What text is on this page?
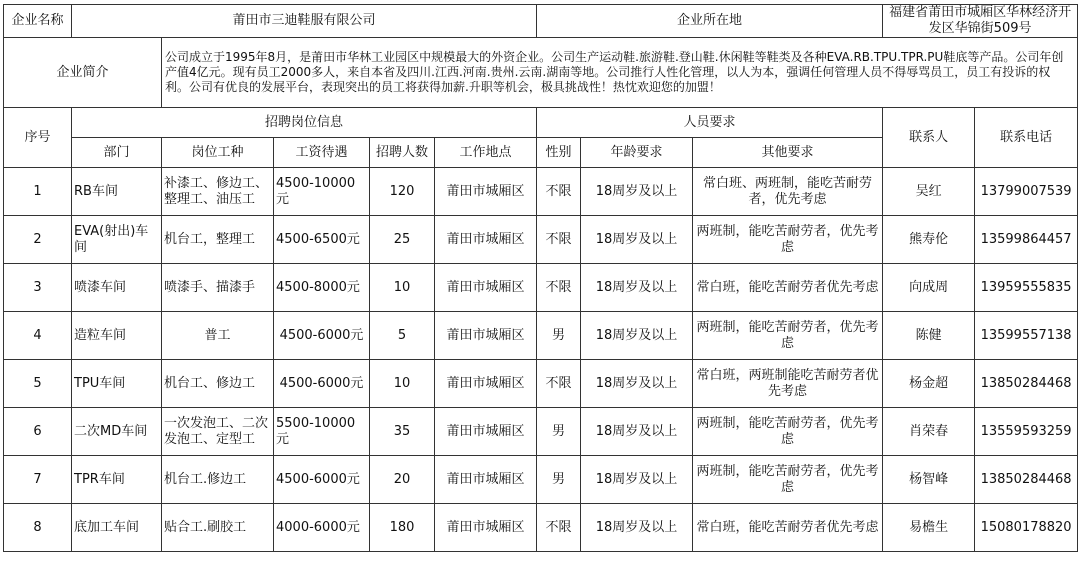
企业名称	莆田市三迪鞋服有限公司					企业所在地			福建省莆田市城厢区华林经济开发区华锦街509号	
企业简介		公司成立于1995年8月，是莆田市华林工业园区中规模最大的外资企业。公司生产运动鞋.旅游鞋.登山鞋.休闲鞋等鞋类及各种EVA.RB.TPU.TPR.PU鞋底等产品。公司年创产值4亿元。现有员工2000多人，来自本省及四川.江西.河南.贵州.云南.湖南等地。公司推行人性化管理，以人为本，强调任何管理人员不得辱骂员工，员工有投诉的权利。公司有优良的发展平台，表现突出的员工将获得加薪.升职等机会，极具挑战性！热忱欢迎您的加盟！								
序号	招聘岗位信息					人员要求			联系人	联系电话
	部门	岗位工种	工资待遇	招聘人数	工作地点	性别	年龄要求	其他要求		
1	RB车间	补漆工、修边工、整理工、油压工	4500-10000元	120	莆田市城厢区	不限	18周岁及以上	常白班、两班制，能吃苦耐劳者，优先考虑	吴红	13799007539
2	EVA(射出)车间	机台工，整理工	4500-6500元	25	莆田市城厢区	不限	18周岁及以上	两班制，能吃苦耐劳者，优先考虑	熊寿伦	13599864457
3	喷漆车间	喷漆手、描漆手	4500-8000元	10	莆田市城厢区	不限	18周岁及以上	常白班，能吃苦耐劳者优先考虑	向成周	13959555835
4	造粒车间	普工	4500-6000元	5	莆田市城厢区	男	18周岁及以上	两班制，能吃苦耐劳者，优先考虑	陈健	13599557138
5	TPU车间	机台工、修边工	4500-6000元	10	莆田市城厢区	不限	18周岁及以上	常白班，两班制能吃苦耐劳者优先考虑	杨金超	13850284468
6	二次MD车间	一次发泡工、二次发泡工、定型工	5500-10000元	35	莆田市城厢区	男	18周岁及以上	两班制，能吃苦耐劳者，优先考虑	肖荣春	13559593259
7	TPR车间	机台工.修边工	4500-6000元	20	莆田市城厢区	男	18周岁及以上	两班制，能吃苦耐劳者，优先考虑	杨智峰	13850284468
8	底加工车间	贴合工.刷胶工	4000-6000元	180	莆田市城厢区	不限	18周岁及以上	常白班，能吃苦耐劳者优先考虑	易檐生	15080178820
